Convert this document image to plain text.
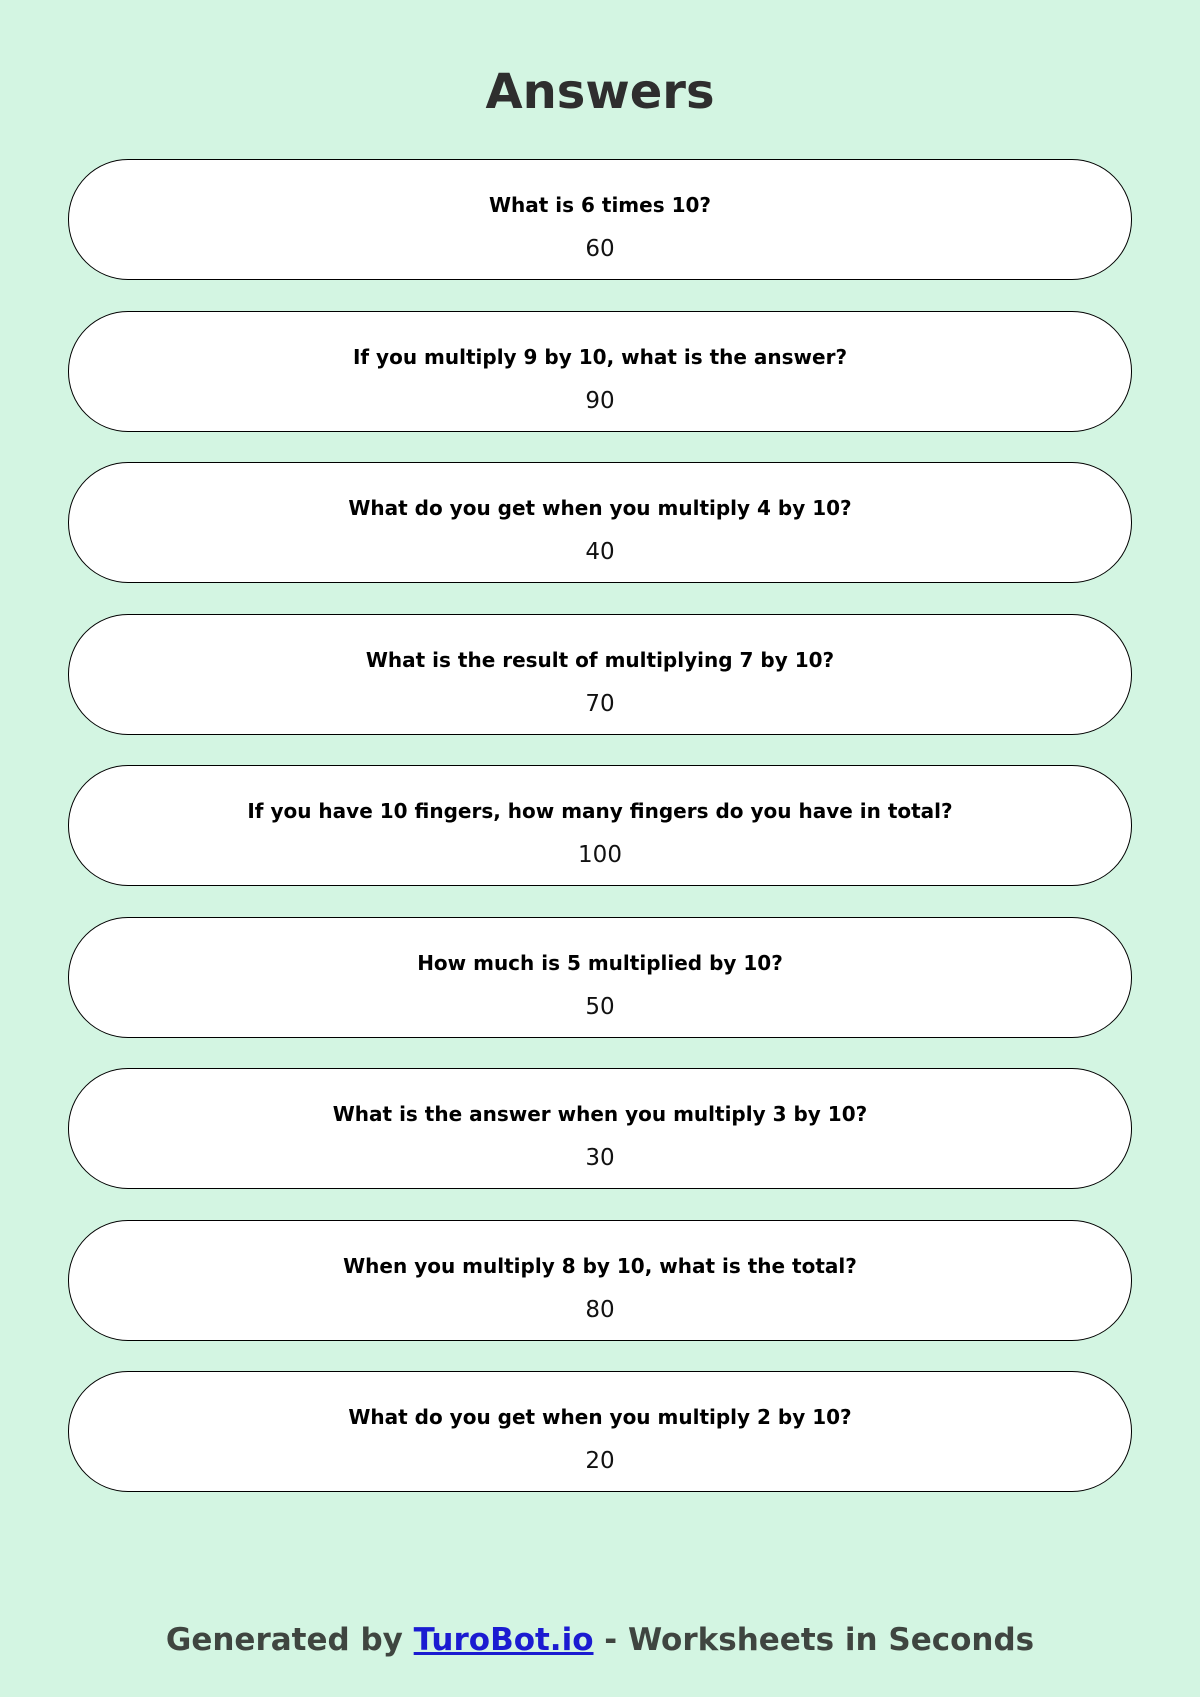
Answers
What is 6 times 10?
60
If you multiply 9 by 10, what is the answer?
90
What do you get when you multiply 4 by 10?
40
What is the result of multiplying 7 by 10?
70
If you have 10 fingers, how many fingers do you have in total?
100
How much is 5 multiplied by 10?
50
What is the answer when you multiply 3 by 10?
30
When you multiply 8 by 10, what is the total?
80
What do you get when you multiply 2 by 10?
20
Generated by TuroBot.io - Worksheets in Seconds
